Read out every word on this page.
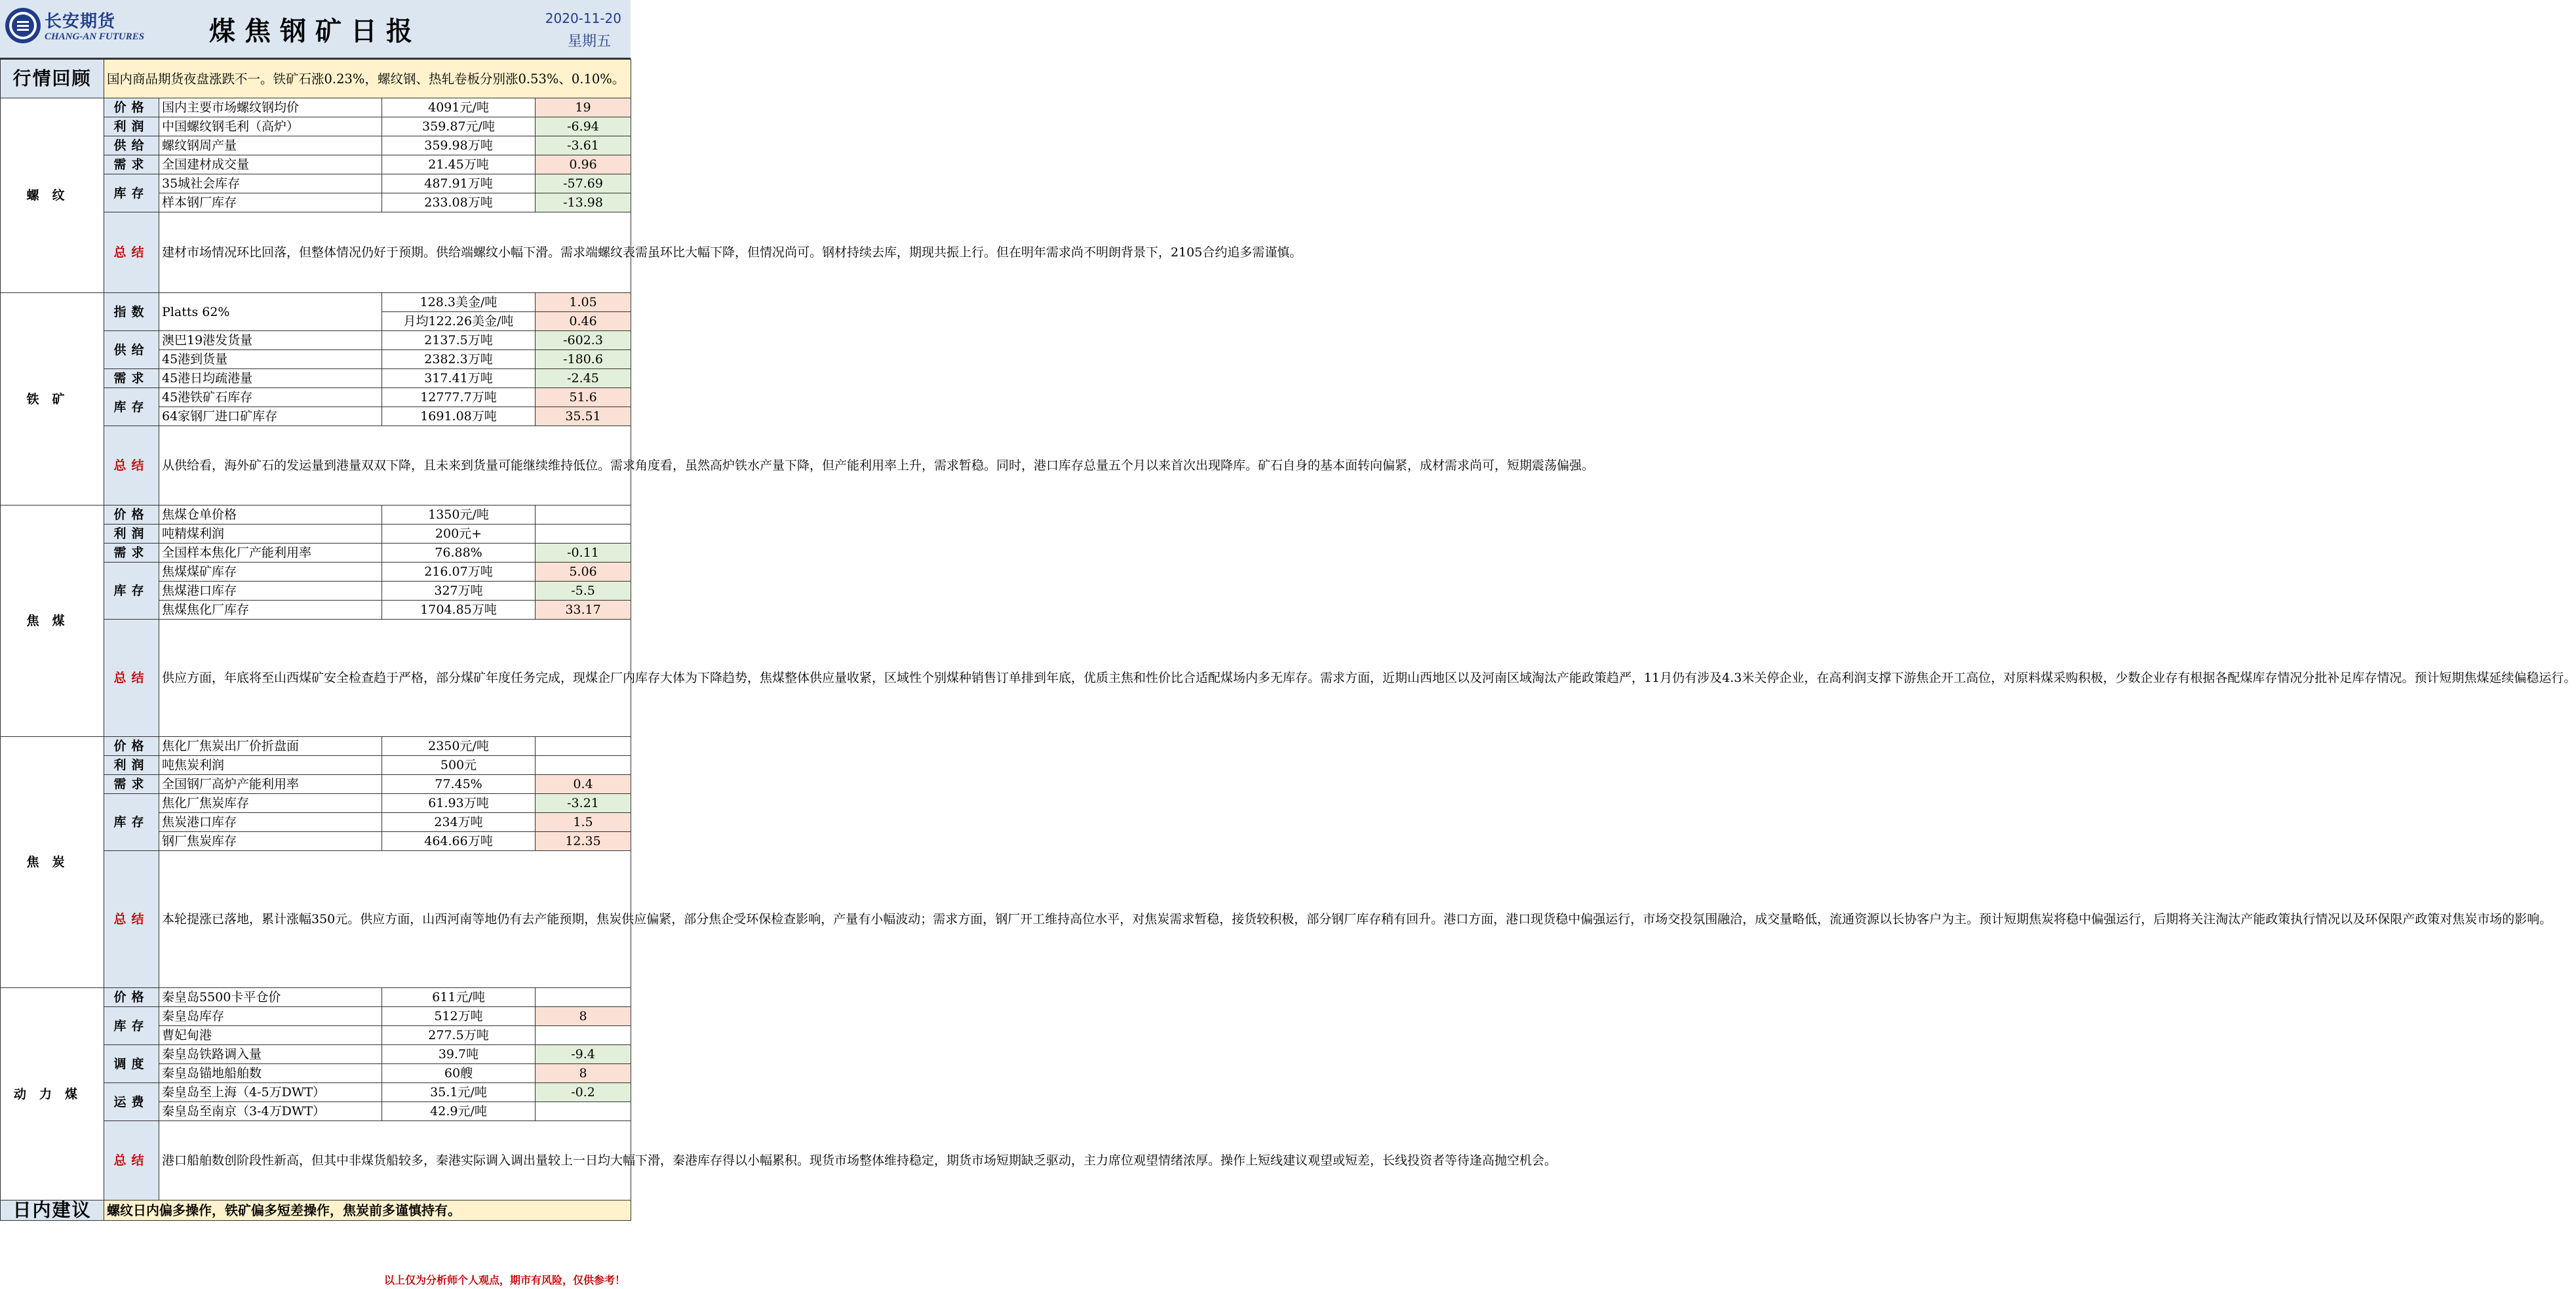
长安期货
CHANG-AN FUTURES	煤焦钢矿日报	2020-11-20
星期五
行情回顾	国内商品期货夜盘涨跌不一。铁矿石涨0.23%，螺纹钢、热轧卷板分别涨0.53%、0.10%。			
螺纹	价格	国内主要市场螺纹钢均价	4091元/吨	19
	利润	中国螺纹钢毛利（高炉）	359.87元/吨	-6.94
	供给	螺纹钢周产量	359.98万吨	-3.61
	需求	全国建材成交量	21.45万吨	0.96
	库存	35城社会库存	487.91万吨	-57.69
		样本钢厂库存	233.08万吨	-13.98
	总结	建材市场情况环比回落，但整体情况仍好于预期。供给端螺纹小幅下滑。需求端螺纹表需虽环比大幅下降，但情况尚可。钢材持续去库，期现共振上行。但在明年需求尚不明朗背景下，2105合约追多需谨慎。		
铁矿	指数	Platts 62%	128.3美金/吨	1.05
			月均122.26美金/吨	0.46
	供给	澳巴19港发货量	2137.5万吨	-602.3
		45港到货量	2382.3万吨	-180.6
	需求	45港日均疏港量	317.41万吨	-2.45
	库存	45港铁矿石库存	12777.7万吨	51.6
		64家钢厂进口矿库存	1691.08万吨	35.51
	总结	从供给看，海外矿石的发运量到港量双双下降，且未来到货量可能继续维持低位。需求角度看，虽然高炉铁水产量下降，但产能利用率上升，需求暂稳。同时，港口库存总量五个月以来首次出现降库。矿石自身的基本面转向偏紧，成材需求尚可，短期震荡偏强。		
焦煤	价格	焦煤仓单价格	1350元/吨	
	利润	吨精煤利润	200元+	
	需求	全国样本焦化厂产能利用率	76.88%	-0.11
	库存	焦煤煤矿库存	216.07万吨	5.06
		焦煤港口库存	327万吨	-5.5
		焦煤焦化厂库存	1704.85万吨	33.17
	总结	供应方面，年底将至山西煤矿安全检查趋于严格，部分煤矿年度任务完成，现煤企厂内库存大体为下降趋势，焦煤整体供应量收紧，区域性个别煤种销售订单排到年底，优质主焦和性价比合适配煤场内多无库存。需求方面，近期山西地区以及河南区域淘汰产能政策趋严，11月仍有涉及4.3米关停企业，在高利润支撑下游焦企开工高位，对原料煤采购积极，少数企业存有根据各配煤库存情况分批补足库存情况。预计短期焦煤延续偏稳运行。		
焦炭	价格	焦化厂焦炭出厂价折盘面	2350元/吨	
	利润	吨焦炭利润	500元	
	需求	全国钢厂高炉产能利用率	77.45%	0.4
	库存	焦化厂焦炭库存	61.93万吨	-3.21
		焦炭港口库存	234万吨	1.5
		钢厂焦炭库存	464.66万吨	12.35
	总结	本轮提涨已落地，累计涨幅350元。供应方面，山西河南等地仍有去产能预期，焦炭供应偏紧，部分焦企受环保检查影响，产量有小幅波动；需求方面，钢厂开工维持高位水平，对焦炭需求暂稳，接货较积极，部分钢厂库存稍有回升。港口方面，港口现货稳中偏强运行，市场交投氛围融洽，成交量略低，流通资源以长协客户为主。预计短期焦炭将稳中偏强运行，后期将关注淘汰产能政策执行情况以及环保限产政策对焦炭市场的影响。		
动力煤	价格	秦皇岛5500卡平仓价	611元/吨	
	库存	秦皇岛库存	512万吨	8
		曹妃甸港	277.5万吨	
	调度	秦皇岛铁路调入量	39.7吨	-9.4
		秦皇岛锚地船舶数	60艘	8
	运费	秦皇岛至上海（4-5万DWT）	35.1元/吨	-0.2
		秦皇岛至南京（3-4万DWT）	42.9元/吨	
	总结	港口船舶数创阶段性新高，但其中非煤货船较多，秦港实际调入调出量较上一日均大幅下滑，秦港库存得以小幅累积。现货市场整体维持稳定，期货市场短期缺乏驱动，主力席位观望情绪浓厚。操作上短线建议观望或短差，长线投资者等待逢高抛空机会。		
日内建议	螺纹日内偏多操作，铁矿偏多短差操作，焦炭前多谨慎持有。			
以上仅为分析师个人观点，期市有风险，仅供参考！
